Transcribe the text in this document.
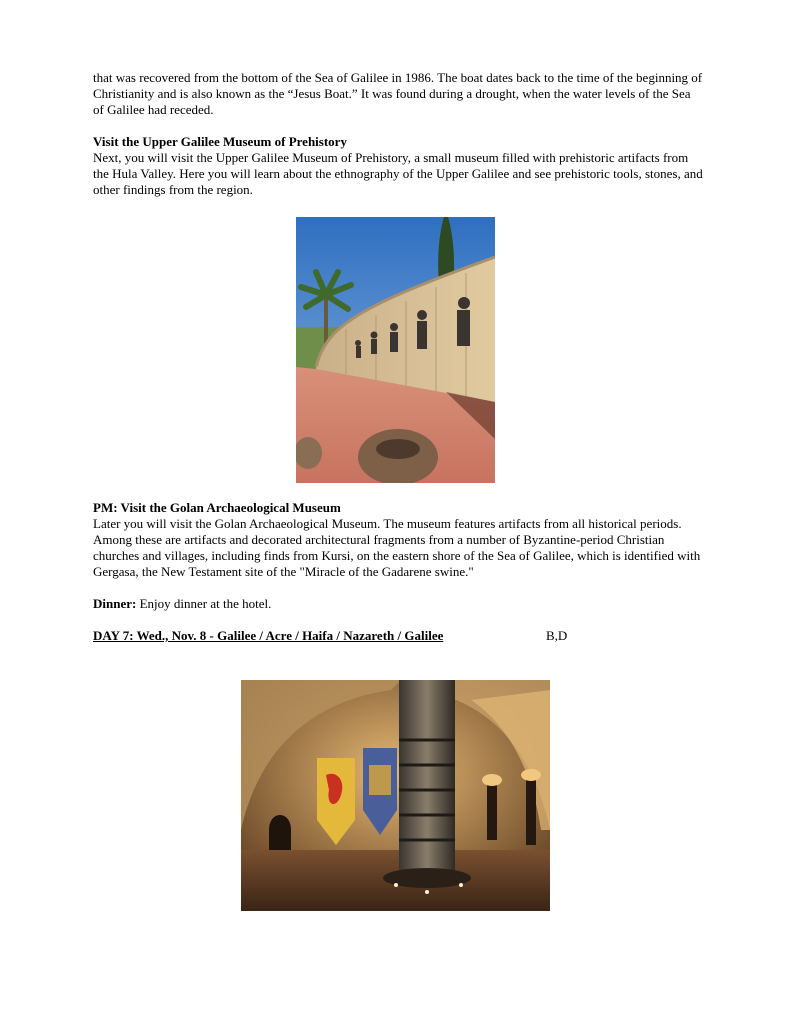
that was recovered from the bottom of the Sea of Galilee in 1986. The boat dates back to the time of the beginning of Christianity and is also known as the “Jesus Boat.” It was found during a drought, when the water levels of the Sea of Galilee had receded.

Visit the Upper Galilee Museum of Prehistory

Next, you will visit the Upper Galilee Museum of Prehistory, a small museum filled with prehistoric artifacts from the Hula Valley. Here you will learn about the ethnography of the Upper Galilee and see prehistoric tools, stones, and other findings from the region.

PM: Visit the Golan Archaeological Museum

Later you will visit the Golan Archaeological Museum. The museum features artifacts from all historical periods. Among these are artifacts and decorated architectural fragments from a number of Byzantine-period Christian churches and villages, including finds from Kursi, on the eastern shore of the Sea of Galilee, which is identified with Gergasa, the New Testament site of the "Miracle of the Gadarene swine."

Dinner: Enjoy dinner at the hotel.

DAY 7: Wed., Nov. 8 - Galilee / Acre / Haifa / Nazareth / Galilee	B,D
